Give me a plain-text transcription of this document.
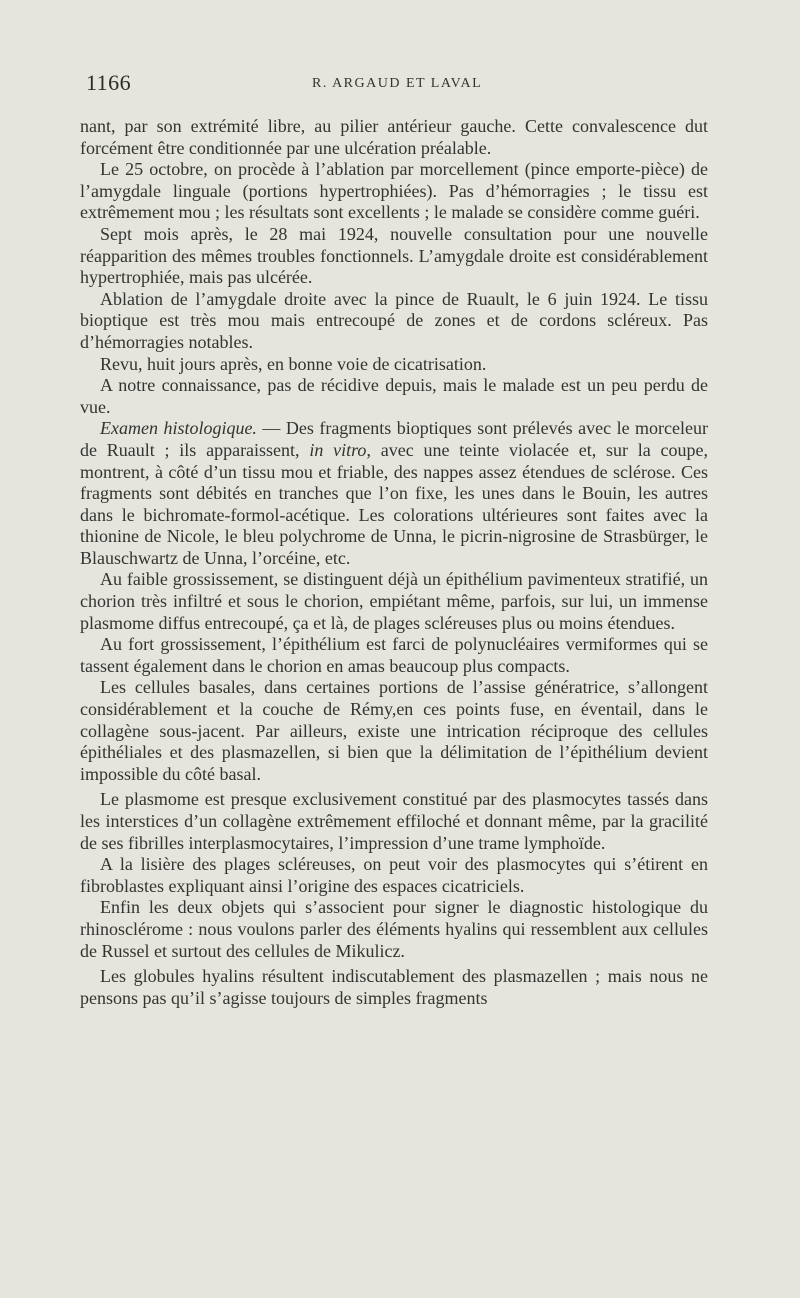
1166	R. ARGAUD ET LAVAL

nant, par son extrémité libre, au pilier antérieur gauche. Cette convalescence dut forcément être conditionnée par une ulcération préalable.

Le 25 octobre, on procède à l’ablation par morcellement (pince emporte-pièce) de l’amygdale linguale (portions hypertrophiées). Pas d’hémorragies ; le tissu est extrêmement mou ; les résultats sont excellents ; le malade se considère comme guéri.

Sept mois après, le 28 mai 1924, nouvelle consultation pour une nouvelle réapparition des mêmes troubles fonctionnels. L’amygdale droite est considérablement hypertrophiée, mais pas ulcérée.

Ablation de l’amygdale droite avec la pince de Ruault, le 6 juin 1924. Le tissu bioptique est très mou mais entrecoupé de zones et de cordons scléreux. Pas d’hémorragies notables.

Revu, huit jours après, en bonne voie de cicatrisation.

A notre connaissance, pas de récidive depuis, mais le malade est un peu perdu de vue.

Examen histologique. — Des fragments bioptiques sont prélevés avec le morceleur de Ruault ; ils apparaissent, in vitro, avec une teinte violacée et, sur la coupe, montrent, à côté d’un tissu mou et friable, des nappes assez étendues de sclérose. Ces fragments sont débités en tranches que l’on fixe, les unes dans le Bouin, les autres dans le bichromate-formol-acétique. Les colorations ultérieures sont faites avec la thionine de Nicole, le bleu polychrome de Unna, le picrin-nigrosine de Strasbürger, le Blauschwartz de Unna, l’orcéine, etc.

Au faible grossissement, se distinguent déjà un épithélium pavimenteux stratifié, un chorion très infiltré et sous le chorion, empiétant même, parfois, sur lui, un immense plasmome diffus entrecoupé, ça et là, de plages scléreuses plus ou moins étendues.

Au fort grossissement, l’épithélium est farci de polynucléaires vermiformes qui se tassent également dans le chorion en amas beaucoup plus compacts.

Les cellules basales, dans certaines portions de l’assise génératrice, s’allongent considérablement et la couche de Rémy,en ces points fuse, en éventail, dans le collagène sous-jacent. Par ailleurs, existe une intrication réciproque des cellules épithéliales et des plasmazellen, si bien que la délimitation de l’épithélium devient impossible du côté basal.

Le plasmome est presque exclusivement constitué par des plasmocytes tassés dans les interstices d’un collagène extrêmement effiloché et donnant même, par la gracilité de ses fibrilles interplasmocytaires, l’impression d’une trame lymphoïde.

A la lisière des plages scléreuses, on peut voir des plasmocytes qui s’étirent en fibroblastes expliquant ainsi l’origine des espaces cicatriciels.

Enfin les deux objets qui s’associent pour signer le diagnostic histologique du rhinosclérome : nous voulons parler des éléments hyalins qui ressemblent aux cellules de Russel et surtout des cellules de Mikulicz.

Les globules hyalins résultent indiscutablement des plasmazellen ; mais nous ne pensons pas qu’il s’agisse toujours de simples fragments
